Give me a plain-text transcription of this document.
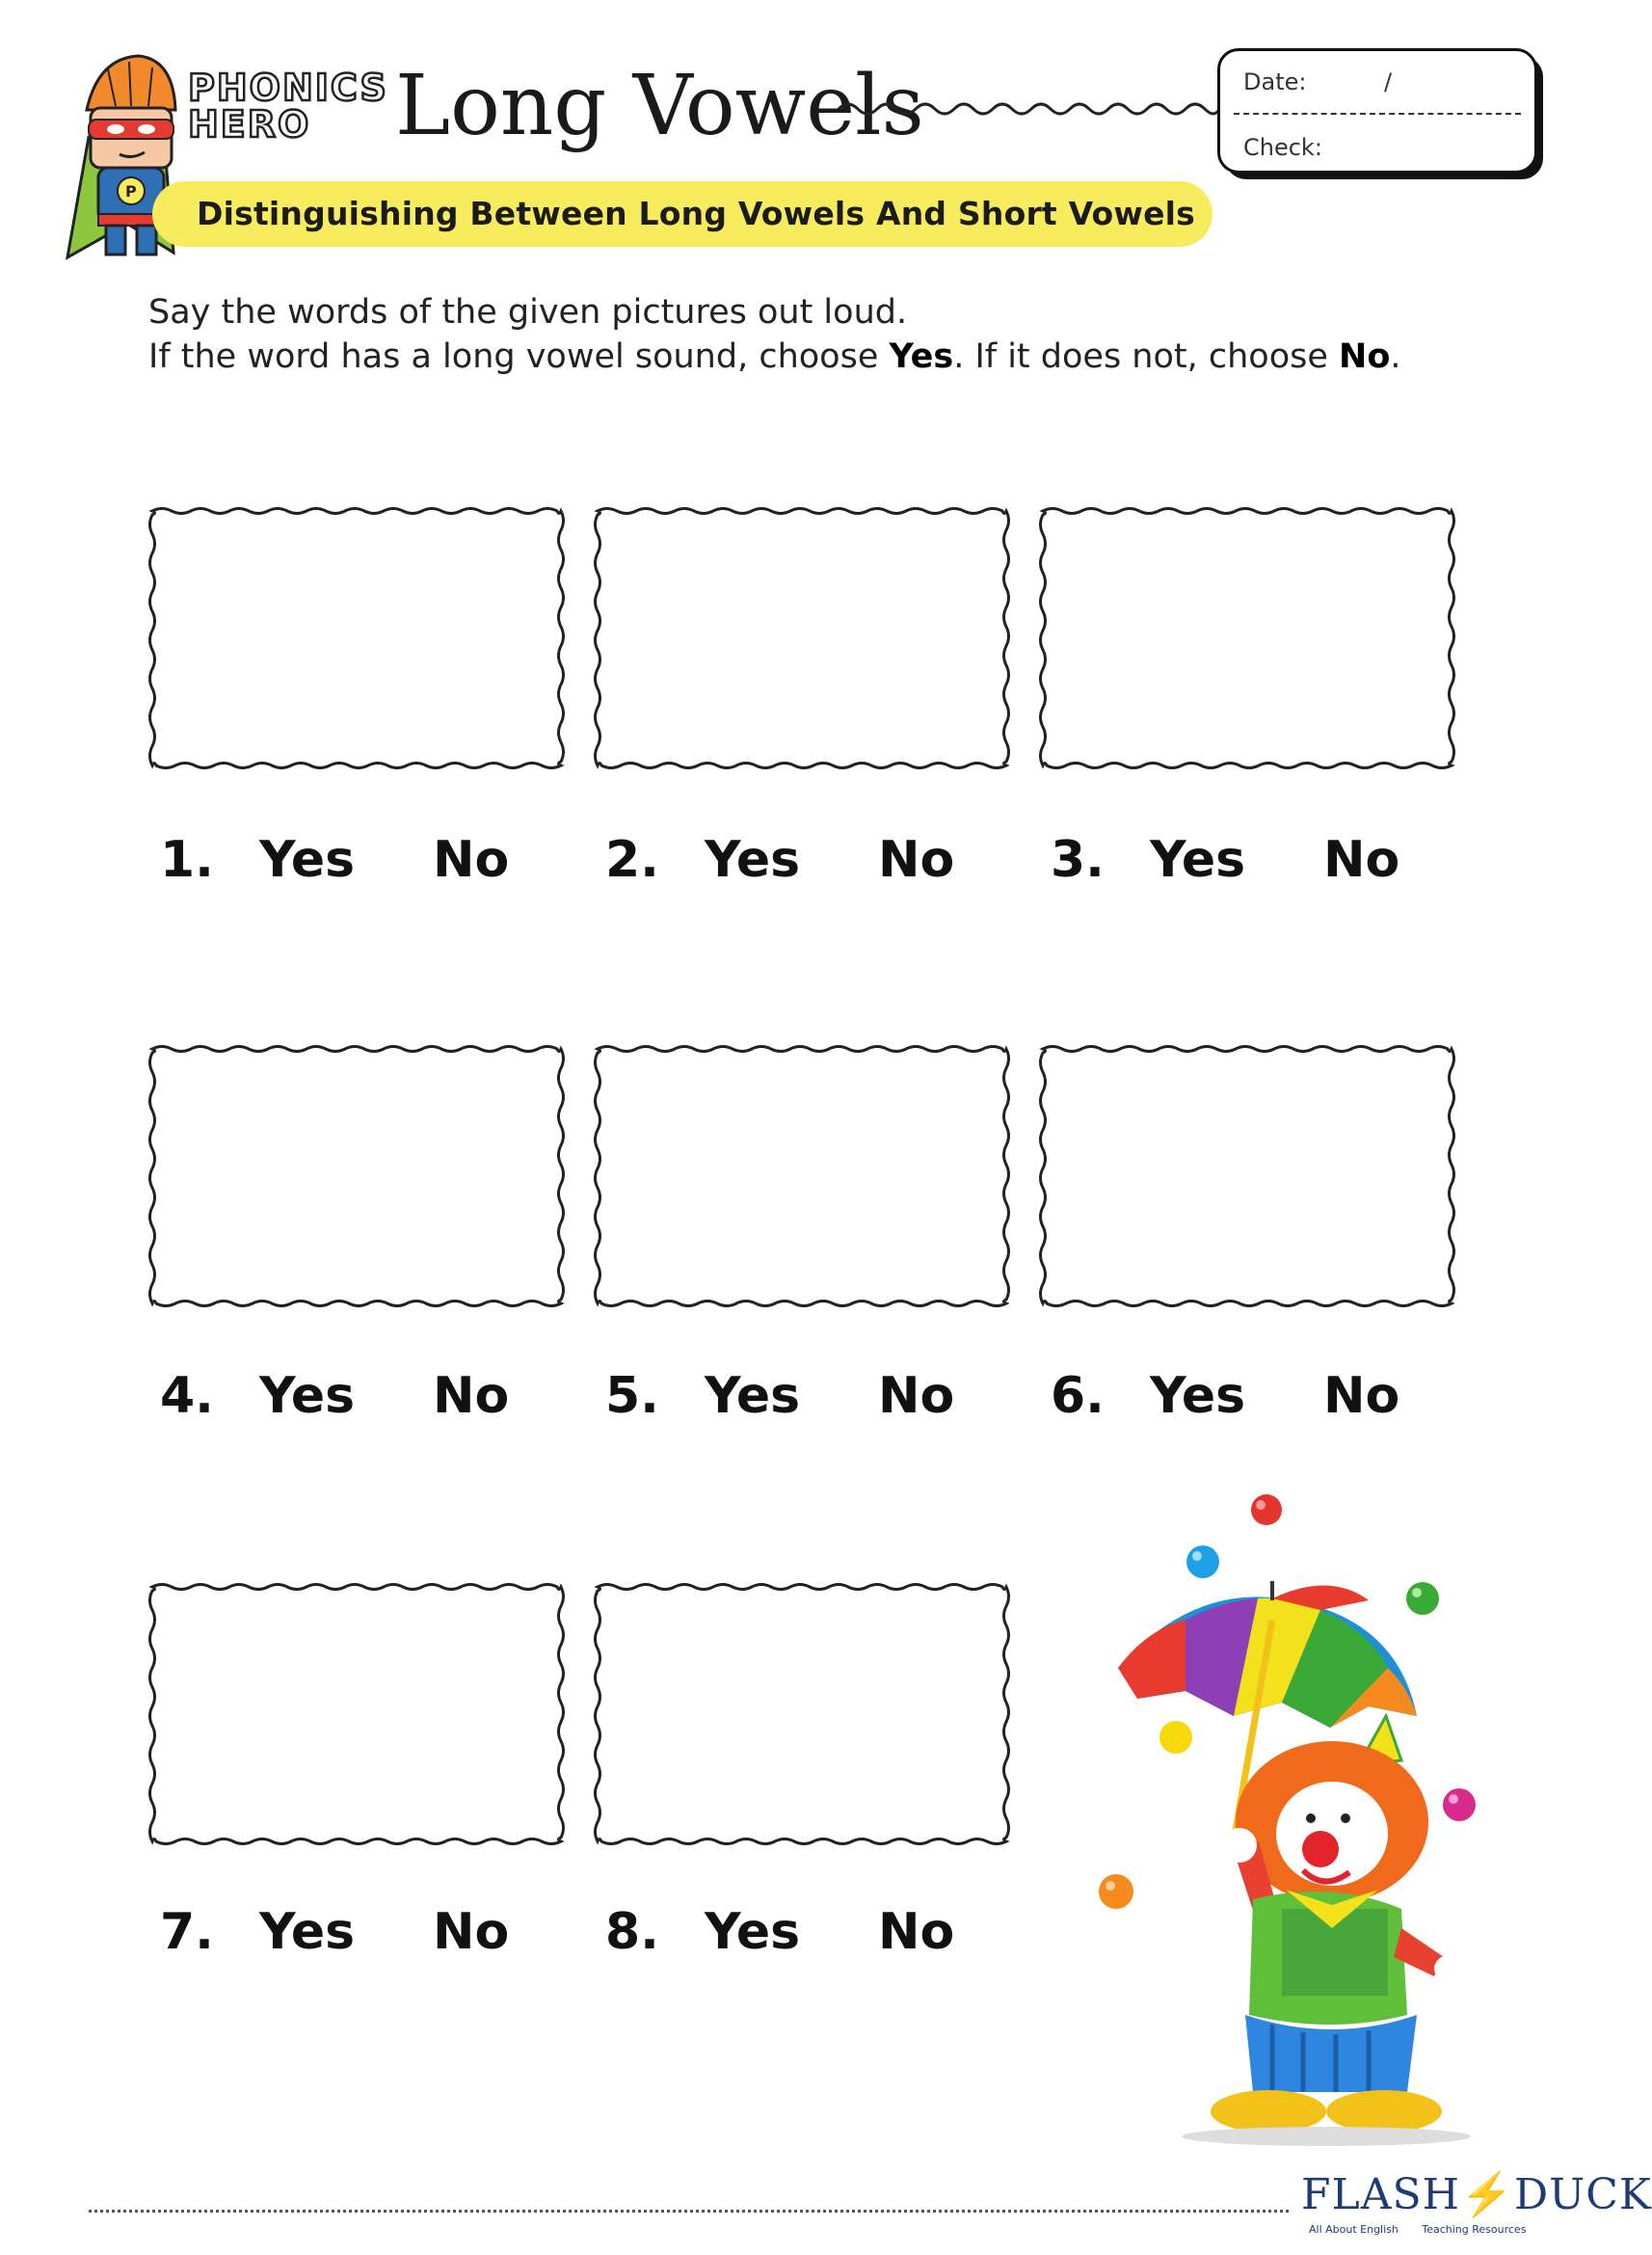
P
PHONICS
HERO	Long Vowels	Date:	/
Check:
Distinguishing Between Long Vowels And Short Vowels
Say the words of the given pictures out loud.
If the word has a long vowel sound, choose Yes. If it does not, choose No.
1. Yes No 2. Yes No 3. Yes No
4. Yes No 5. Yes No 6. Yes No
7. Yes No 8. Yes No
FLASH⚡DUCK
All About English Teaching Resources
